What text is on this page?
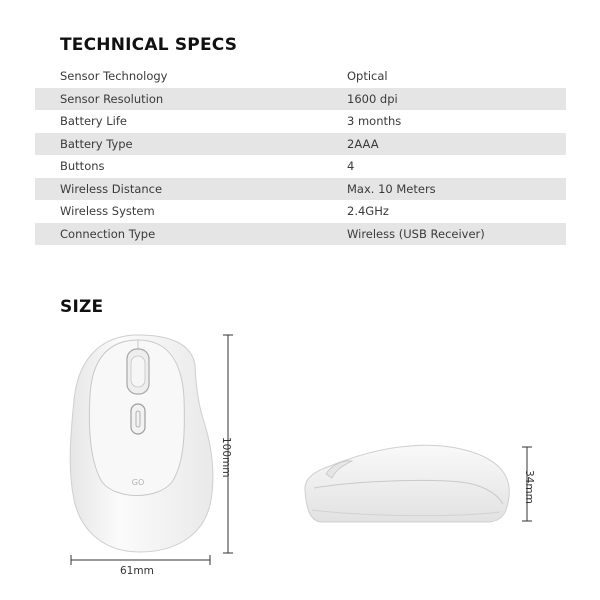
TECHNICAL SPECS
Sensor Technology	Optical
Sensor Resolution	1600 dpi
Battery Life	3 months
Battery Type	2AAA
Buttons	4
Wireless Distance	Max. 10 Meters
Wireless System	2.4GHz
Connection Type	Wireless (USB Receiver)
SIZE
GO
61mm
100mm
34mm
